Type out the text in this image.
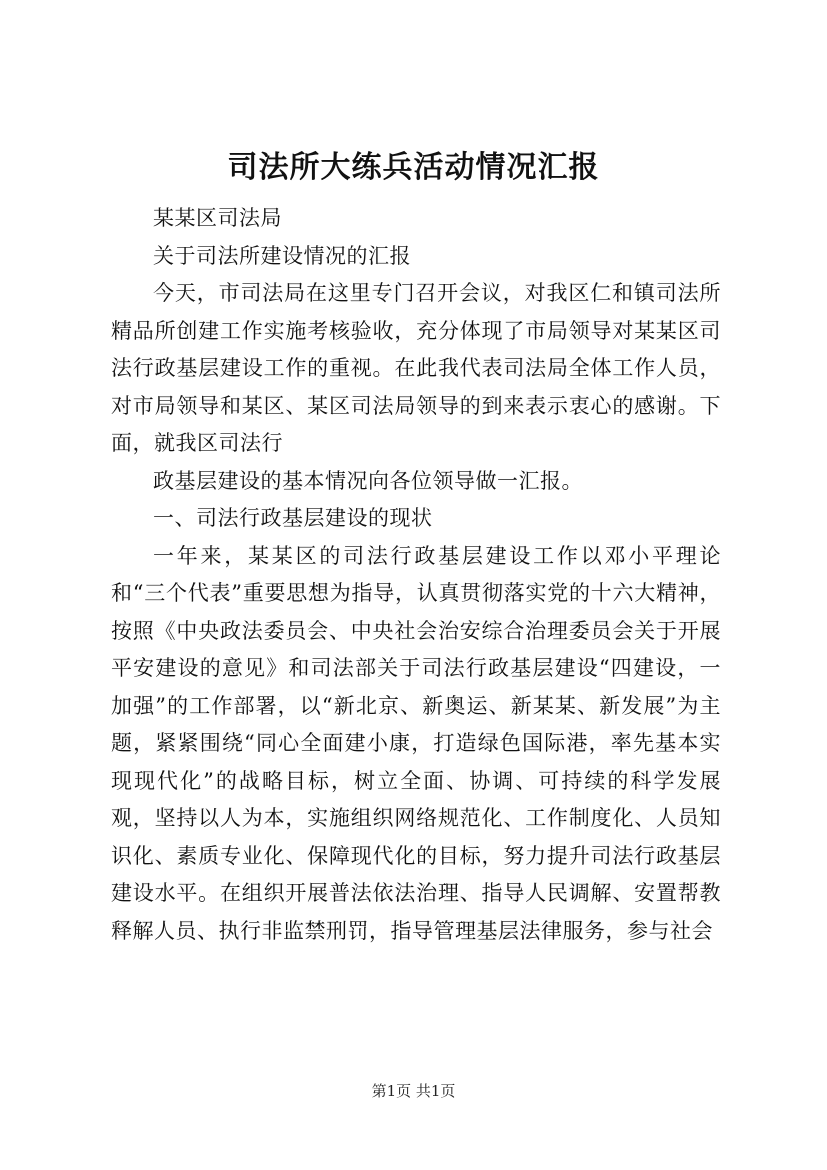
司法所大练兵活动情况汇报

某某区司法局

关于司法所建设情况的汇报

今天，市司法局在这里专门召开会议，对我区仁和镇司法所精品所创建工作实施考核验收，充分体现了市局领导对某某区司法行政基层建设工作的重视。在此我代表司法局全体工作人员，对市局领导和某区、某区司法局领导的到来表示衷心的感谢。下面，就我区司法行

政基层建设的基本情况向各位领导做一汇报。

一、司法行政基层建设的现状

一年来，某某区的司法行政基层建设工作以邓小平理论和“三个代表”重要思想为指导，认真贯彻落实党的十六大精神，按照《中央政法委员会、中央社会治安综合治理委员会关于开展平安建设的意见》和司法部关于司法行政基层建设“四建设，一加强”的工作部署，以“新北京、新奥运、新某某、新发展”为主题，紧紧围绕“同心全面建小康，打造绿色国际港，率先基本实现现代化”的战略目标，树立全面、协调、可持续的科学发展观，坚持以人为本，实施组织网络规范化、工作制度化、人员知识化、素质专业化、保障现代化的目标，努力提升司法行政基层建设水平。在组织开展普法依法治理、指导人民调解、安置帮教释解人员、执行非监禁刑罚，指导管理基层法律服务，参与社会

第1页 共1页
